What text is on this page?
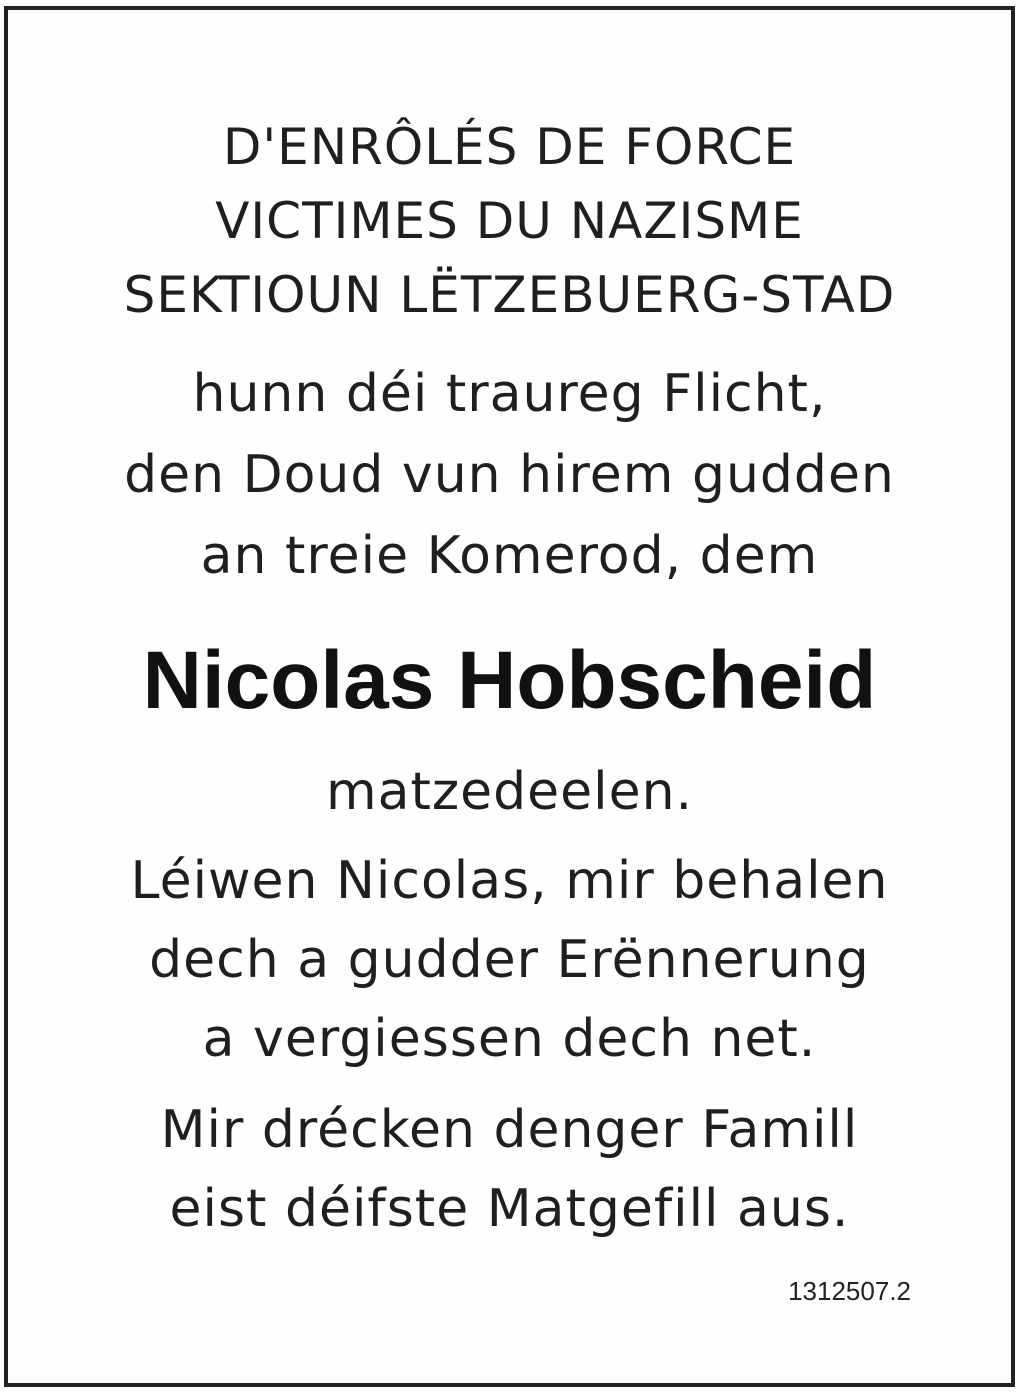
D'ENRÔLÉS DE FORCE
VICTIMES DU NAZISME
SEKTIOUN LËTZEBUERG-STAD
hunn déi traureg Flicht,
den Doud vun hirem gudden
an treie Komerod, dem
Nicolas Hobscheid
matzedeelen.
Léiwen Nicolas, mir behalen
dech a gudder Erënnerung
a vergiessen dech net.
Mir drécken denger Famill
eist déifste Matgefill aus.
1312507.2
